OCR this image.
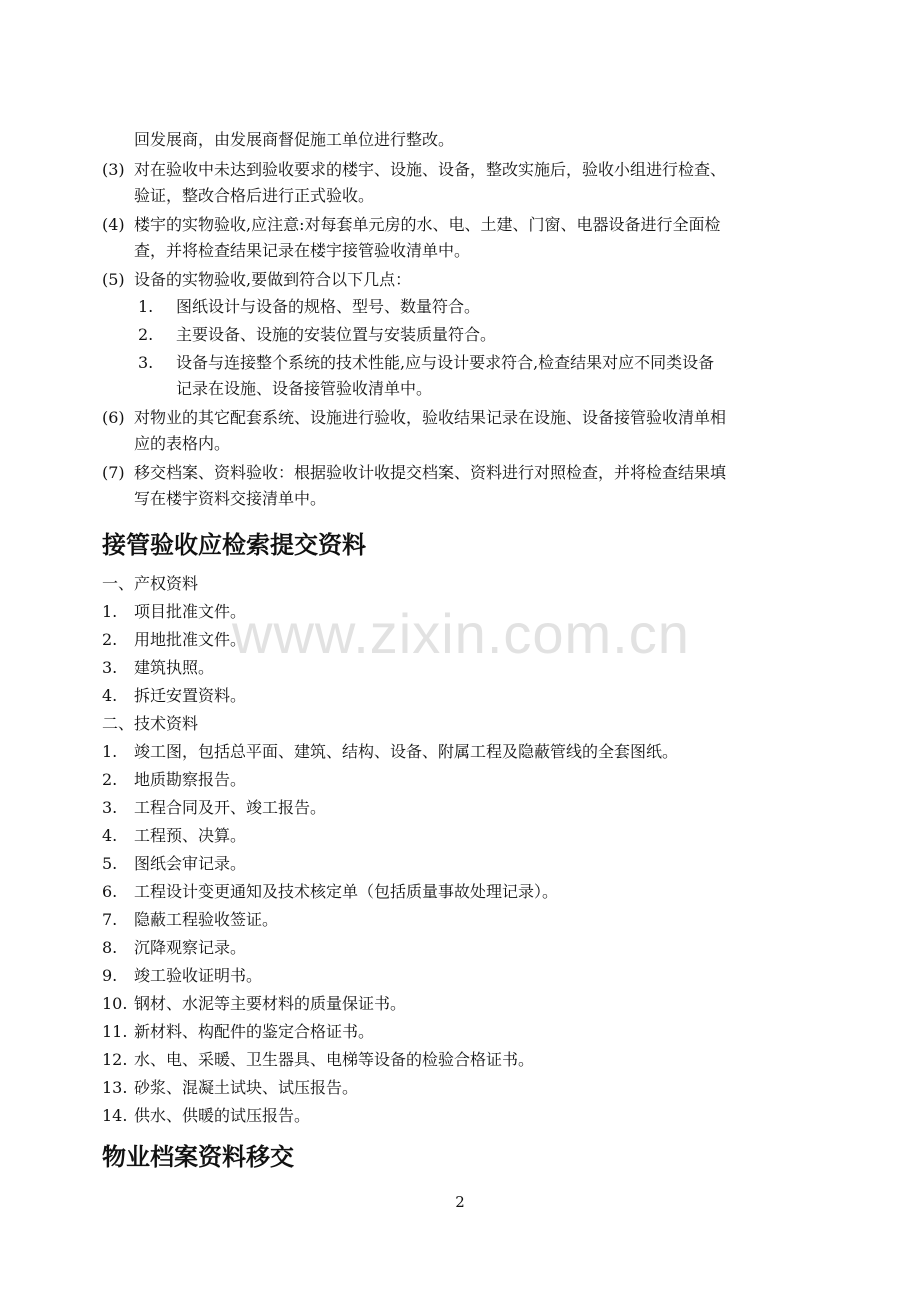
www.zixin.com.cn
回发展商，由发展商督促施工单位进行整改。
(3) 对在验收中未达到验收要求的楼宇、设施、设备，整改实施后，验收小组进行检查、
验证，整改合格后进行正式验收。
(4) 楼宇的实物验收,应注意:对每套单元房的水、电、土建、门窗、电器设备进行全面检
查，并将检查结果记录在楼宇接管验收清单中。
(5) 设备的实物验收,要做到符合以下几点：
1. 图纸设计与设备的规格、型号、数量符合。
2. 主要设备、设施的安装位置与安装质量符合。
3. 设备与连接整个系统的技术性能,应与设计要求符合,检查结果对应不同类设备
记录在设施、设备接管验收清单中。
(6) 对物业的其它配套系统、设施进行验收，验收结果记录在设施、设备接管验收清单相
应的表格内。
(7) 移交档案、资料验收：根据验收计收提交档案、资料进行对照检查，并将检查结果填
写在楼宇资料交接清单中。
接管验收应检索提交资料
一、产权资料
1. 项目批准文件。
2. 用地批准文件。
3. 建筑执照。
4. 拆迁安置资料。
二、技术资料
1. 竣工图，包括总平面、建筑、结构、设备、附属工程及隐蔽管线的全套图纸。
2. 地质勘察报告。
3. 工程合同及开、竣工报告。
4. 工程预、决算。
5. 图纸会审记录。
6. 工程设计变更通知及技术核定单（包括质量事故处理记录）。
7. 隐蔽工程验收签证。
8. 沉降观察记录。
9. 竣工验收证明书。
10. 钢材、水泥等主要材料的质量保证书。
11. 新材料、构配件的鉴定合格证书。
12. 水、电、采暖、卫生器具、电梯等设备的检验合格证书。
13. 砂浆、混凝土试块、试压报告。
14. 供水、供暖的试压报告。
物业档案资料移交
2
